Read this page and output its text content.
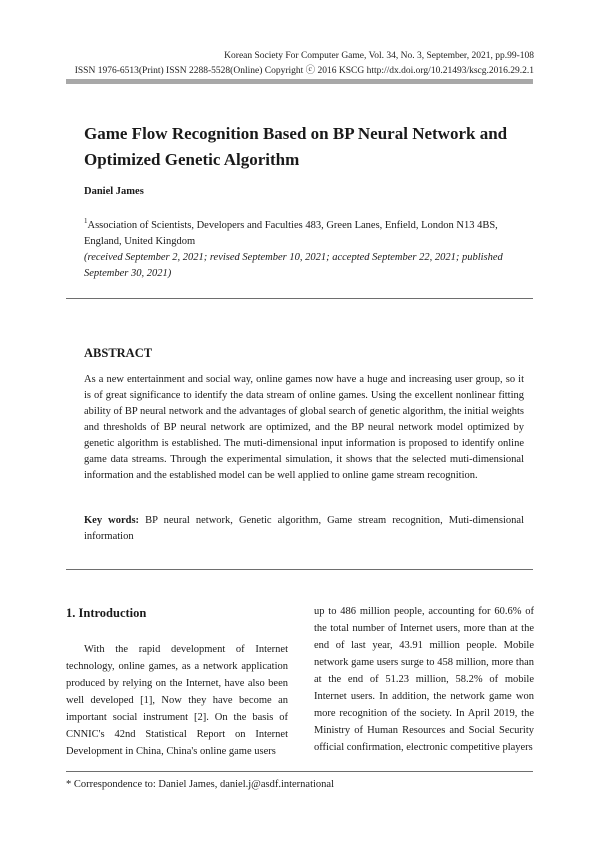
Korean Society For Computer Game, Vol. 34, No. 3, September, 2021, pp.99-108
ISSN 1976-6513(Print) ISSN 2288-5528(Online) Copyright ⓒ 2016 KSCG http://dx.doi.org/10.21493/kscg.2016.29.2.1
Game Flow Recognition Based on BP Neural Network and Optimized Genetic Algorithm
Daniel James
$^1$Association of Scientists, Developers and Faculties 483, Green Lanes, Enfield, London N13 4BS, England, United Kingdom
(received September 2, 2021; revised September 10, 2021; accepted September 22, 2021; published September 30, 2021)
ABSTRACT
As a new entertainment and social way, online games now have a huge and increasing user group, so it is of great significance to identify the data stream of online games. Using the excellent nonlinear fitting ability of BP neural network and the advantages of global search of genetic algorithm, the initial weights and thresholds of BP neural network are optimized, and the BP neural network model optimized by genetic algorithm is established. The muti-dimensional input information is proposed to identify online game data streams. Through the experimental simulation, it shows that the selected muti-dimensional information and the established model can be well applied to online game stream recognition.
Key words: BP neural network, Genetic algorithm, Game stream recognition, Muti-dimensional information
1. Introduction
With the rapid development of Internet technology, online games, as a network application produced by relying on the Internet, have also been well developed [1], Now they have become an important social instrument [2]. On the basis of CNNIC's 42nd Statistical Report on Internet Development in China, China's online game users
up to 486 million people, accounting for 60.6% of the total number of Internet users, more than at the end of last year, 43.91 million people. Mobile network game users surge to 458 million, more than at the end of 51.23 million, 58.2% of mobile Internet users. In addition, the network game won more recognition of the society. In April 2019, the Ministry of Human Resources and Social Security official confirmation, electronic competitive players
* Correspondence to: Daniel James, daniel.j@asdf.international
